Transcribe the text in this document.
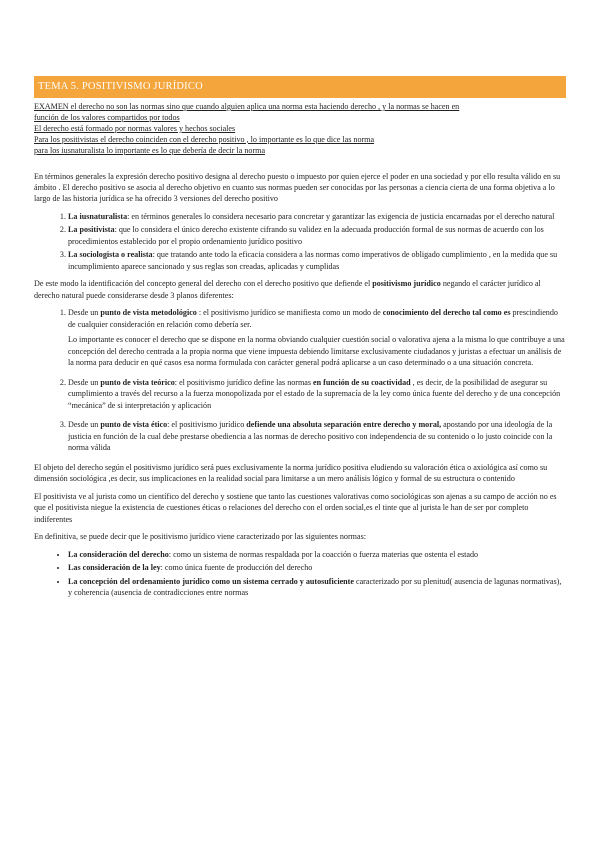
TEMA 5. POSITIVISMO JURÍDICO

EXAMEN el derecho no son las normas sino que cuando alguien aplica una norma esta haciendo derecho , y la normas se hacen en

función de los valores compartidos por todos

El derecho está formado por normas valores y hechos sociales

Para los positivistas el derecho coinciden con el derecho positivo , lo importante es lo que dice las norma

para los iusnaturalista lo importante es lo que debería de decir la norma

En términos generales la expresión derecho positivo designa al derecho puesto o impuesto por quien ejerce el poder en una sociedad y por ello resulta válido en su ámbito . El derecho positivo se asocia al derecho objetivo en cuanto sus normas pueden ser conocidas por las personas a ciencia cierta de una forma objetiva a lo largo de las historia jurídica se ha ofrecido 3 versiones del derecho positivo

1. La iusnaturalista: en términos generales lo considera necesario para concretar y garantizar las exigencia de justicia encarnadas por el derecho natural
2. La positivista: que lo considera el único derecho existente cifrando su validez en la adecuada producción formal de sus normas de acuerdo con los procedimientos establecido por el propio ordenamiento jurídico positivo
3. La sociologista o realista: que tratando ante todo la eficacia considera a las normas como imperativos de obligado cumplimiento , en la medida que su incumplimiento aparece sancionado y sus reglas son creadas, aplicadas y cumplidas

De este modo la identificación del concepto general del derecho con el derecho positivo que defiende el positivismo jurídico negando el carácter jurídico al derecho natural puede considerarse desde 3 planos diferentes:

1. Desde un punto de vista metodológico : el positivismo jurídico se manifiesta como un modo de conocimiento del derecho tal como es prescindiendo de cualquier consideración en relación como debería ser.

Lo importante es conocer el derecho que se dispone en la norma obviando cualquier cuestión social o valorativa ajena a la misma lo que contribuye a una concepción del derecho centrada a la propia norma que viene impuesta debiendo limitarse exclusivamente ciudadanos y juristas a efectuar un análisis de la norma para deducir en qué casos esa norma formulada con carácter general podrá aplicarse a un caso determinado o a una situación concreta.

2. Desde un punto de vista teórico: el positivismo jurídico define las normas en función de su coactividad , es decir, de la posibilidad de asegurar su cumplimiento a través del recurso a la fuerza monopolizada por el estado de la supremacía de la ley como única fuente del derecho y de una concepción “mecánica” de si interpretación y aplicación
3. Desde un punto de vista ético: el positivismo jurídico defiende una absoluta separación entre derecho y moral, apostando por una ideología de la justicia en función de la cual debe prestarse obediencia a las normas de derecho positivo con independencia de su contenido o lo justo coincide con la norma válida

El objeto del derecho según el positivismo jurídico será pues exclusivamente la norma jurídico positiva eludiendo su valoración ética o axiológica así como su dimensión sociológica ,es decir, sus implicaciones en la realidad social para limitarse a un mero análisis lógico y formal de su estructura o contenido

El positivista ve al jurista como un científico del derecho y sostiene que tanto las cuestiones valorativas como sociológicas son ajenas a su campo de acción no es que el positivista niegue la existencia de cuestiones éticas o relaciones del derecho con el orden social,es el tinte que al jurista le han de ser por completo indiferentes

En definitiva, se puede decir que le positivismo jurídico viene caracterizado por las siguientes normas:

• La consideración del derecho: como un sistema de normas respaldada por la coacción o fuerza materias que ostenta el estado
• Las consideración de la ley: como única fuente de producción del derecho
• La concepción del ordenamiento jurídico como un sistema cerrado y autosuficiente caracterizado por su plenitud( ausencia de lagunas normativas), y coherencia (ausencia de contradicciones entre normas
